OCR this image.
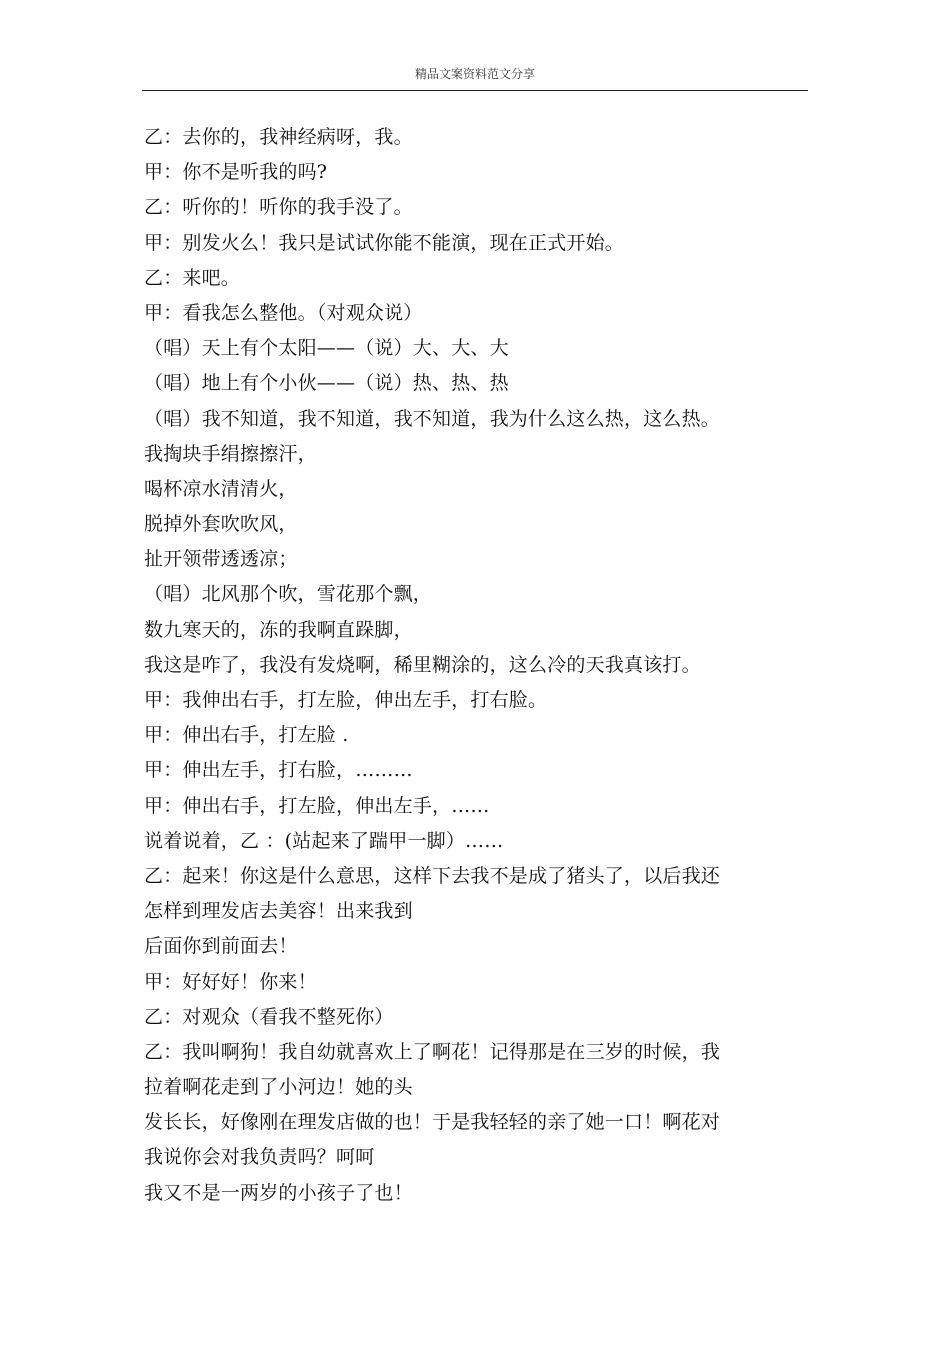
精品文案资料范文分享
乙：去你的，我神经病呀，我。
甲：你不是听我的吗?
乙：听你的！听你的我手没了。
甲：别发火么！我只是试试你能不能演，现在正式开始。
乙：来吧。
甲：看我怎么整他。（对观众说）
（唱）天上有个太阳——（说）大、大、大
（唱）地上有个小伙——（说）热、热、热
（唱）我不知道，我不知道，我不知道，我为什么这么热，这么热。
我掏块手绢擦擦汗，
喝杯凉水清清火，
脱掉外套吹吹风，
扯开领带透透凉；
（唱）北风那个吹，雪花那个飘，
数九寒天的，冻的我啊直跺脚，
我这是咋了，我没有发烧啊，稀里糊涂的，这么冷的天我真该打。
甲：我伸出右手，打左脸，伸出左手，打右脸。
甲：伸出右手，打左脸 .
甲：伸出左手，打右脸，………
甲：伸出右手，打左脸，伸出左手，……
说着说着，乙 ：(站起来了踹甲一脚）……
乙：起来！你这是什么意思，这样下去我不是成了猪头了，以后我还
怎样到理发店去美容！出来我到
后面你到前面去！
甲：好好好！你来！
乙：对观众（看我不整死你）
乙：我叫啊狗！我自幼就喜欢上了啊花！记得那是在三岁的时候，我
拉着啊花走到了小河边！她的头
发长长，好像刚在理发店做的也！于是我轻轻的亲了她一口！啊花对
我说你会对我负责吗？呵呵
我又不是一两岁的小孩子了也！
